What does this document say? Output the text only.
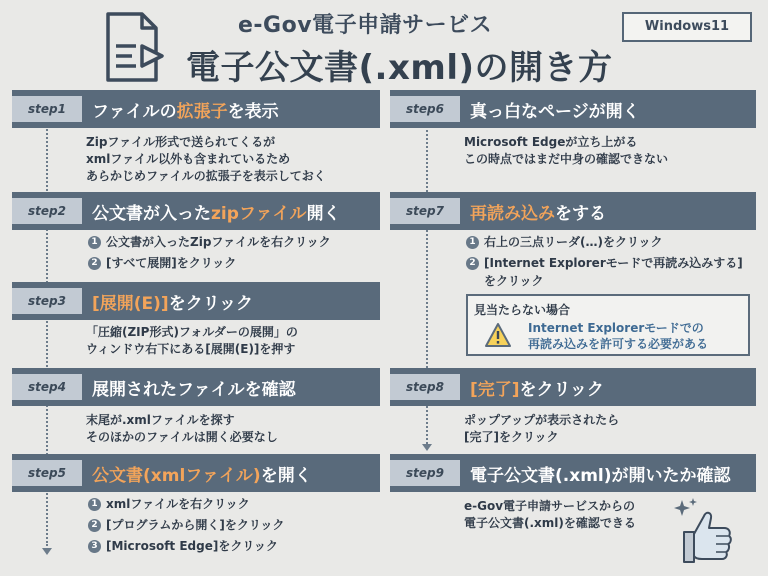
e-Gov電子申請サービス
電子公文書(.xml)の開き方
Windows11
step1	ファイルの拡張子を表示
Zipファイル形式で送られてくるが
xmlファイル以外も含まれているため
あらかじめファイルの拡張子を表示しておく
step2	公文書が入ったzipファイル開く
1 公文書が入ったZipファイルを右クリック
2 [すべて展開]をクリック
step3	[展開(E)]をクリック
「圧縮(ZIP形式)フォルダーの展開」の
ウィンドウ右下にある[展開(E)]を押す
step4	展開されたファイルを確認
末尾が.xmlファイルを探す
そのほかのファイルは開く必要なし
step5	公文書(xmlファイル)を開く
1 xmlファイルを右クリック
2 [プログラムから開く]をクリック
3 [Microsoft Edge]をクリック
step6	真っ白なページが開く
Microsoft Edgeが立ち上がる
この時点ではまだ中身の確認できない
step7	再読み込みをする
1 右上の三点リーダ(…)をクリック
2 [Internet Explorerモードで再読み込みする]
をクリック
見当たらない場合
Internet Explorerモードでの
再読み込みを許可する必要がある
step8	[完了]をクリック
ポップアップが表示されたら
[完了]をクリック
step9	電子公文書(.xml)が開いたか確認
e-Gov電子申請サービスからの
電子公文書(.xml)を確認できる
